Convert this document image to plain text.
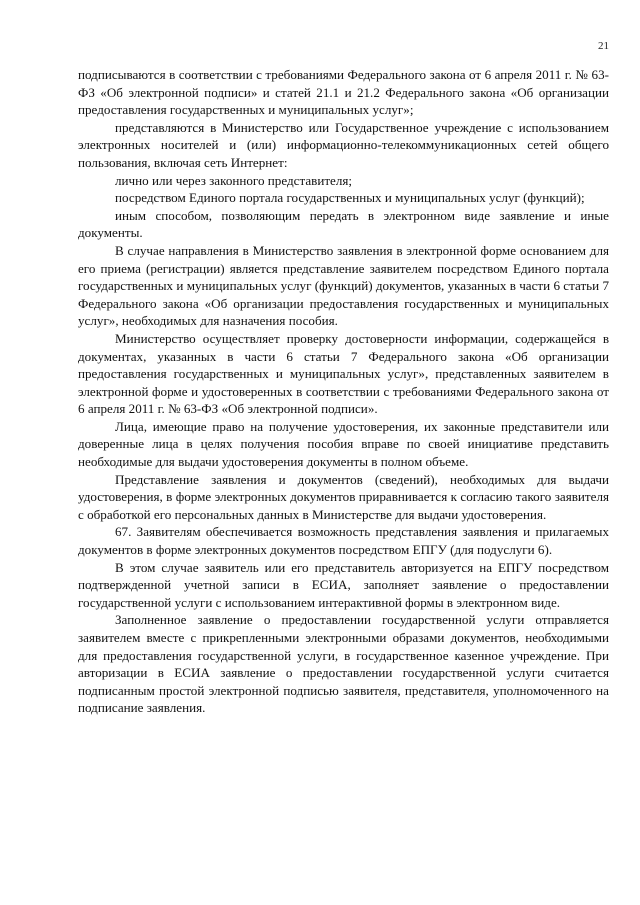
21

подписываются в соответствии с требованиями Федерального закона от 6 апреля 2011 г. № 63-ФЗ «Об электронной подписи» и статей 21.1 и 21.2 Федерального закона «Об организации предоставления государственных и муниципальных услуг»;

представляются в Министерство или Государственное учреждение с использованием электронных носителей и (или) информационно-телекоммуникационных сетей общего пользования, включая сеть Интернет:

лично или через законного представителя;

посредством Единого портала государственных и муниципальных услуг (функций);

иным способом, позволяющим передать в электронном виде заявление и иные документы.

В случае направления в Министерство заявления в электронной форме основанием для его приема (регистрации) является представление заявителем посредством Единого портала государственных и муниципальных услуг (функций) документов, указанных в части 6 статьи 7 Федерального закона «Об организации предоставления государственных и муниципальных услуг», необходимых для назначения пособия.

Министерство осуществляет проверку достоверности информации, содержащейся в документах, указанных в части 6 статьи 7 Федерального закона «Об организации предоставления государственных и муниципальных услуг», представленных заявителем в электронной форме и удостоверенных в соответствии с требованиями Федерального закона от 6 апреля 2011 г. № 63-ФЗ «Об электронной подписи».

Лица, имеющие право на получение удостоверения, их законные представители или доверенные лица в целях получения пособия вправе по своей инициативе представить необходимые для выдачи удостоверения документы в полном объеме.

Представление заявления и документов (сведений), необходимых для выдачи удостоверения, в форме электронных документов приравнивается к согласию такого заявителя с обработкой его персональных данных в Министерстве для выдачи удостоверения.

67. Заявителям обеспечивается возможность представления заявления и прилагаемых документов в форме электронных документов посредством ЕПГУ (для подуслуги 6).

В этом случае заявитель или его представитель авторизуется на ЕПГУ посредством подтвержденной учетной записи в ЕСИА, заполняет заявление о предоставлении государственной услуги с использованием интерактивной формы в электронном виде.

Заполненное заявление о предоставлении государственной услуги отправляется заявителем вместе с прикрепленными электронными образами документов, необходимыми для предоставления государственной услуги, в государственное казенное учреждение. При авторизации в ЕСИА заявление о предоставлении государственной услуги считается подписанным простой электронной подписью заявителя, представителя, уполномоченного на подписание заявления.
